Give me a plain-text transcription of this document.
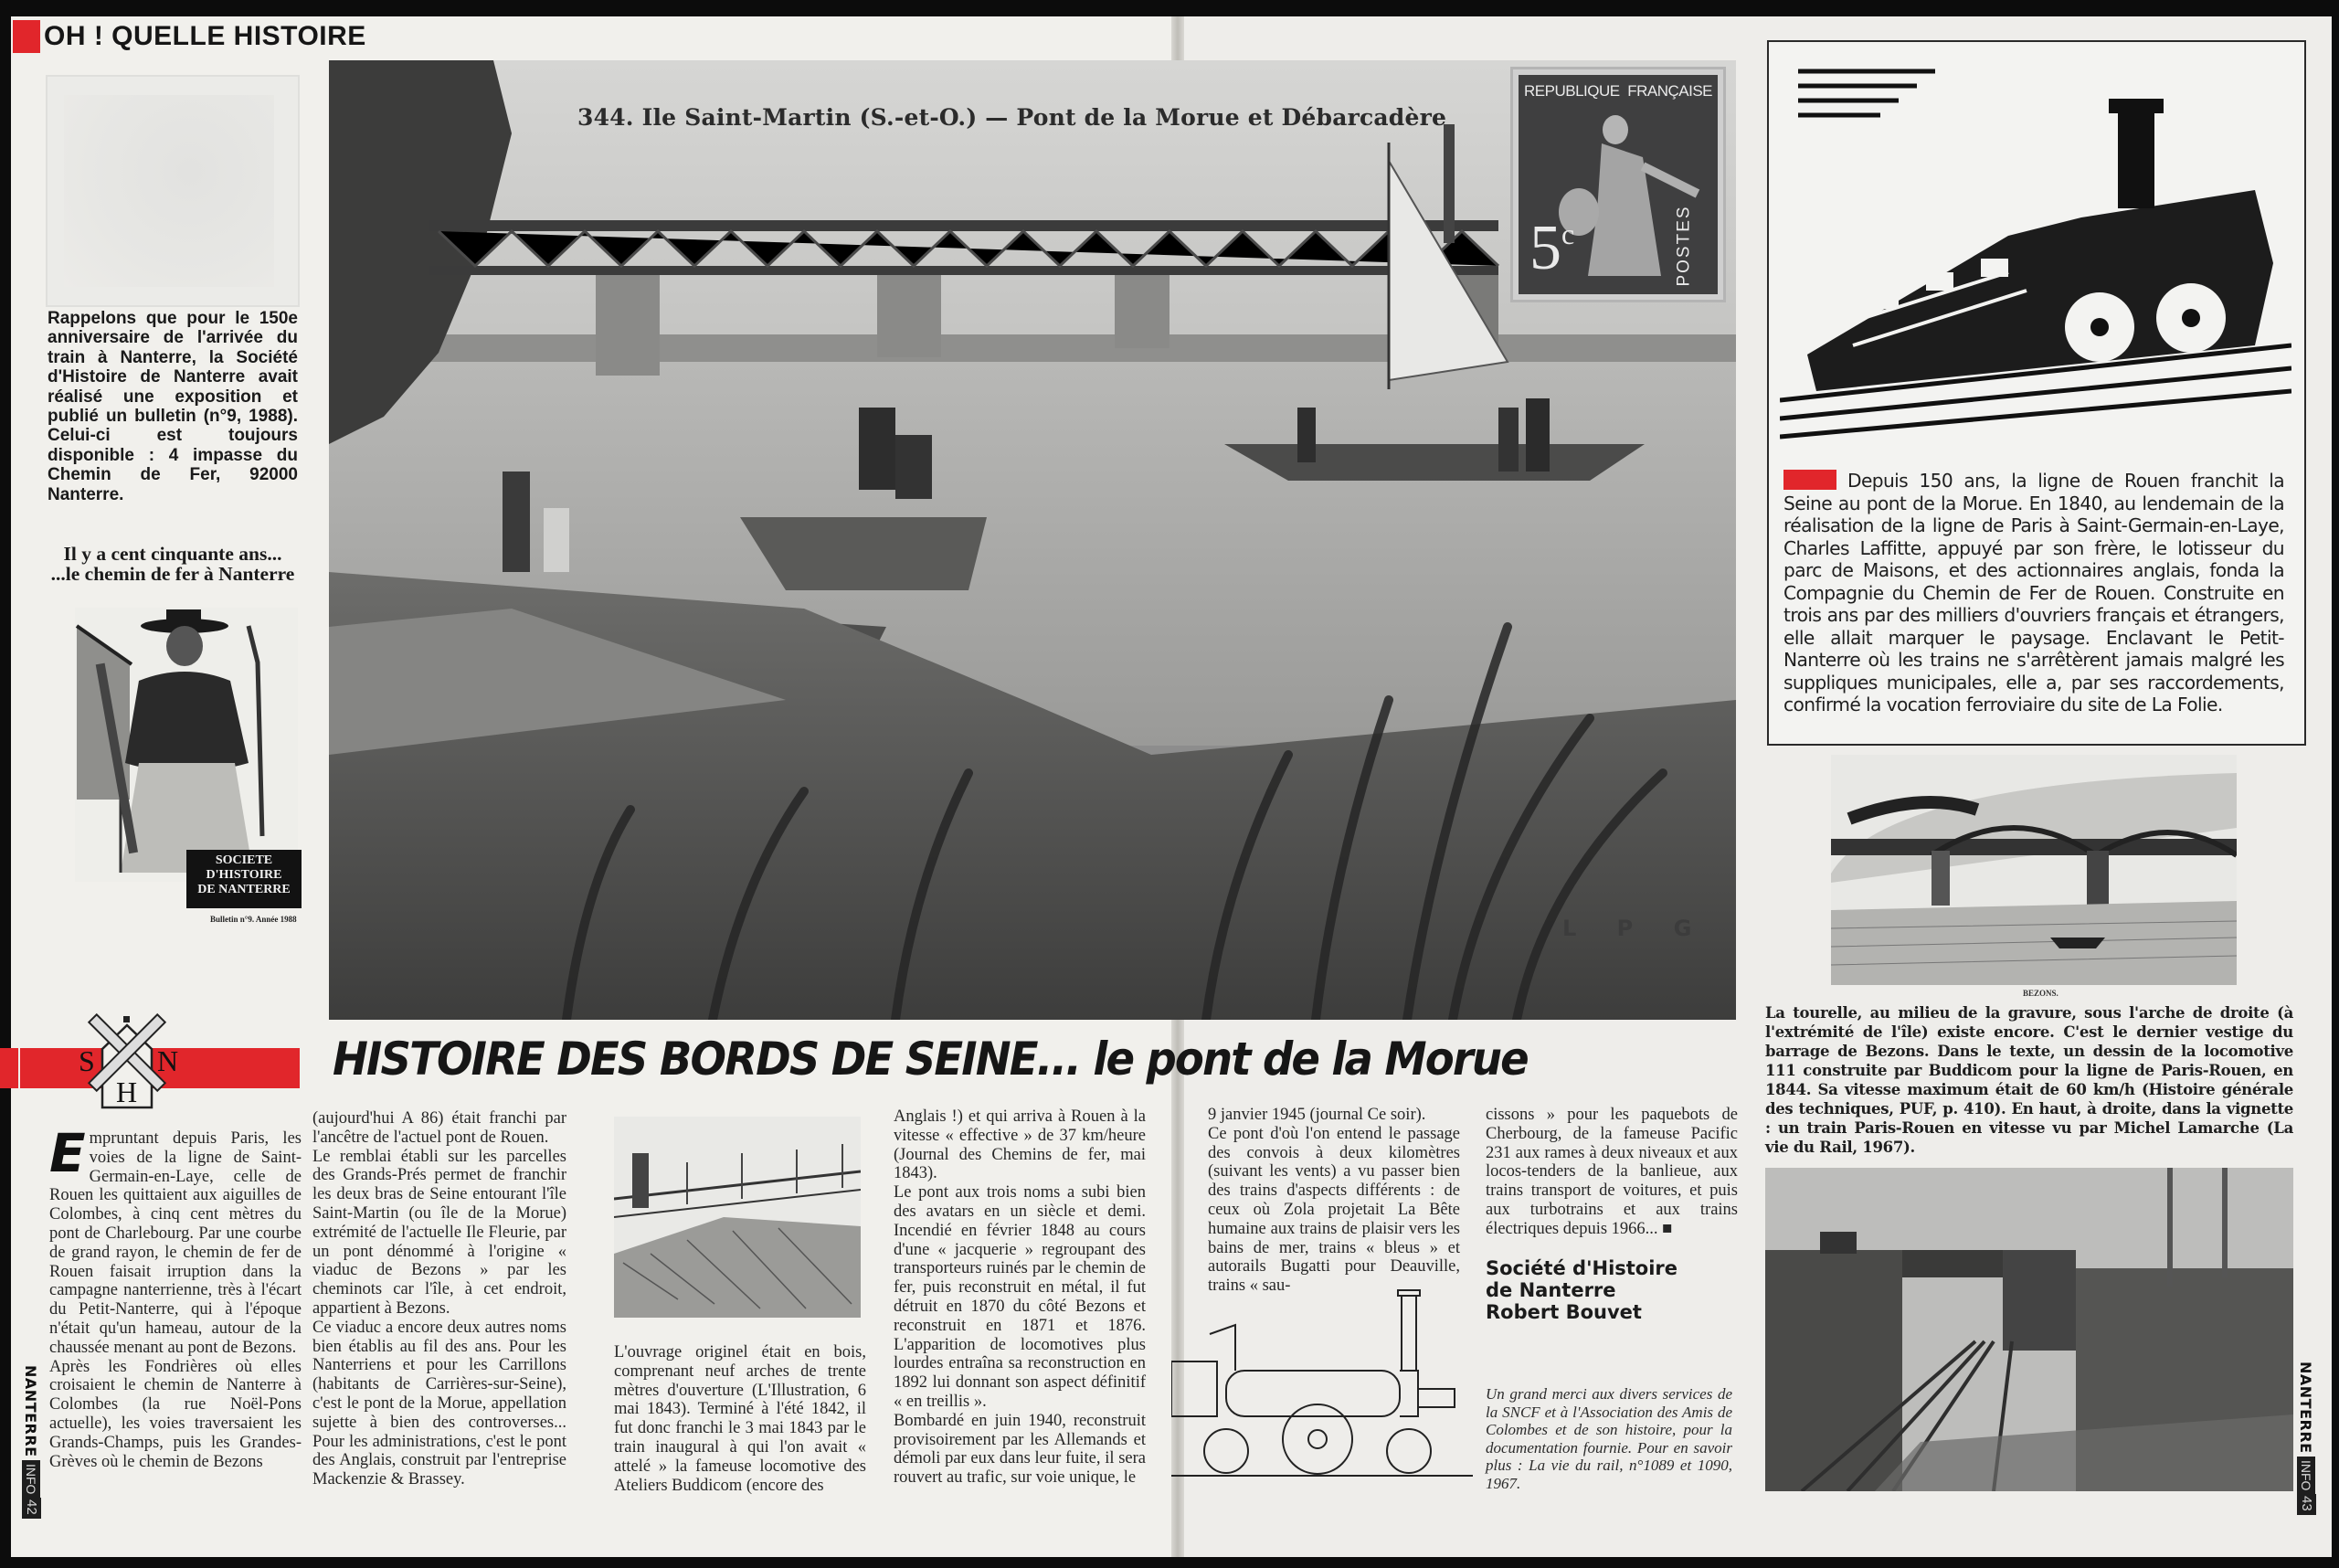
OH ! QUELLE HISTOIRE
Rappelons que pour le 150e anniversaire de l'arrivée du train à Nanterre, la Société d'Histoire de Nanterre avait réalisé une exposition et publié un bulletin (n°9, 1988). Celui-ci est toujours disponible : 4 impasse du Chemin de Fer, 92000 Nanterre.
Il y a cent cinquante ans...
...le chemin de fer à Nanterre
SOCIETE
D'HISTOIRE
DE NANTERRE
Bulletin n°9. Année 1988
344. Ile Saint-Martin (S.-et-O.) — Pont de la Morue et Débarcadère
L P G
REPUBLIQUE FRANÇAISE
5$^c$	POSTES
S N
H
HISTOIRE DES BORDS DE SEINE... le pont de la Morue
E mpruntant depuis Paris, les voies de la ligne de Saint-Germain-en-Laye, celle de Rouen les quittaient aux aiguilles de Colombes, à cinq cent mètres du pont de Charlebourg. Par une courbe de grand rayon, le chemin de fer de Rouen faisait irruption dans la campagne nanterrienne, très à l'écart du Petit-Nanterre, qui à l'époque n'était qu'un hameau, autour de la chaussée menant au pont de Bezons.

Après les Fondrières où elles croisaient le chemin de Nanterre à Colombes (la rue Noël-Pons actuelle), les voies traversaient les Grands-Champs, puis les Grandes-Grèves où le chemin de Bezons

(aujourd'hui A 86) était franchi par l'ancêtre de l'actuel pont de Rouen.

Le remblai établi sur les parcelles des Grands-Prés permet de franchir les deux bras de Seine entourant l'île Saint-Martin (ou île de la Morue) extrémité de l'actuelle Ile Fleurie, par un pont dénommé à l'origine « viaduc de Bezons » par les cheminots car l'île, à cet endroit, appartient à Bezons.

Ce viaduc a encore deux autres noms bien établis au fil des ans. Pour les Nanterriens et pour les Carrillons (habitants de Carrières-sur-Seine), c'est le pont de la Morue, appellation sujette à bien des controverses... Pour les administrations, c'est le pont des Anglais, construit par l'entreprise Mackenzie & Brassey.

L'ouvrage originel était en bois, comprenant neuf arches de trente mètres d'ouverture (L'Illustration, 6 mai 1843). Terminé à l'été 1842, il fut donc franchi le 3 mai 1843 par le train inaugural à qui l'on avait « attelé » la fameuse locomotive des Ateliers Buddicom (encore des

Anglais !) et qui arriva à Rouen à la vitesse « effective » de 37 km/heure (Journal des Chemins de fer, mai 1843).

Le pont aux trois noms a subi bien des avatars en un siècle et demi. Incendié en février 1848 au cours d'une « jacquerie » regroupant des transporteurs ruinés par le chemin de fer, puis reconstruit en métal, il fut détruit en 1870 du côté Bezons et reconstruit en 1871 et 1876. L'apparition de locomotives plus lourdes entraîna sa reconstruction en 1892 lui donnant son aspect définitif « en treillis ».

Bombardé en juin 1940, reconstruit provisoirement par les Allemands et démoli par eux dans leur fuite, il sera rouvert au trafic, sur voie unique, le

9 janvier 1945 (journal Ce soir).

Ce pont d'où l'on entend le passage des convois à deux kilomètres (suivant les vents) a vu passer bien des trains d'aspects différents : de ceux où Zola projetait La Bête humaine aux trains de plaisir vers les bains de mer, trains « bleus » et autorails Bugatti pour Deauville, trains « sau-

cissons » pour les paquebots de Cherbourg, de la fameuse Pacific 231 aux rames à deux niveaux et aux locos-tenders de la banlieue, aux trains transport de voitures, et puis aux turbotrains et aux trains électriques depuis 1966... ■
Société d'Histoire
de Nanterre
Robert Bouvet
Un grand merci aux divers services de la SNCF et à l'Association des Amis de Colombes et de son histoire, pour la documentation fournie. Pour en savoir plus : La vie du rail, n°1089 et 1090, 1967.
NANTERRE
INFO
42
NANTERRE
INFO
43
Depuis 150 ans, la ligne de Rouen franchit la Seine au pont de la Morue. En 1840, au lendemain de la réalisation de la ligne de Paris à Saint-Germain-en-Laye, Charles Laffitte, appuyé par son frère, le lotisseur du parc de Maisons, et des actionnaires anglais, fonda la Compagnie du Chemin de Fer de Rouen. Construite en trois ans par des milliers d'ouvriers français et étrangers, elle allait marquer le paysage. Enclavant le Petit-Nanterre où les trains ne s'arrêtèrent jamais malgré les suppliques municipales, elle a, par ses raccordements, confirmé la vocation ferroviaire du site de La Folie.
BEZONS.
La tourelle, au milieu de la gravure, sous l'arche de droite (à l'extrémité de l'île) existe encore. C'est le dernier vestige du barrage de Bezons. Dans le texte, un dessin de la locomotive 111 construite par Buddicom pour la ligne de Paris-Rouen, en 1844. Sa vitesse maximum était de 60 km/h (Histoire générale des techniques, PUF, p. 410). En haut, à droite, dans la vignette : un train Paris-Rouen en vitesse vu par Michel Lamarche (La vie du Rail, 1967).
